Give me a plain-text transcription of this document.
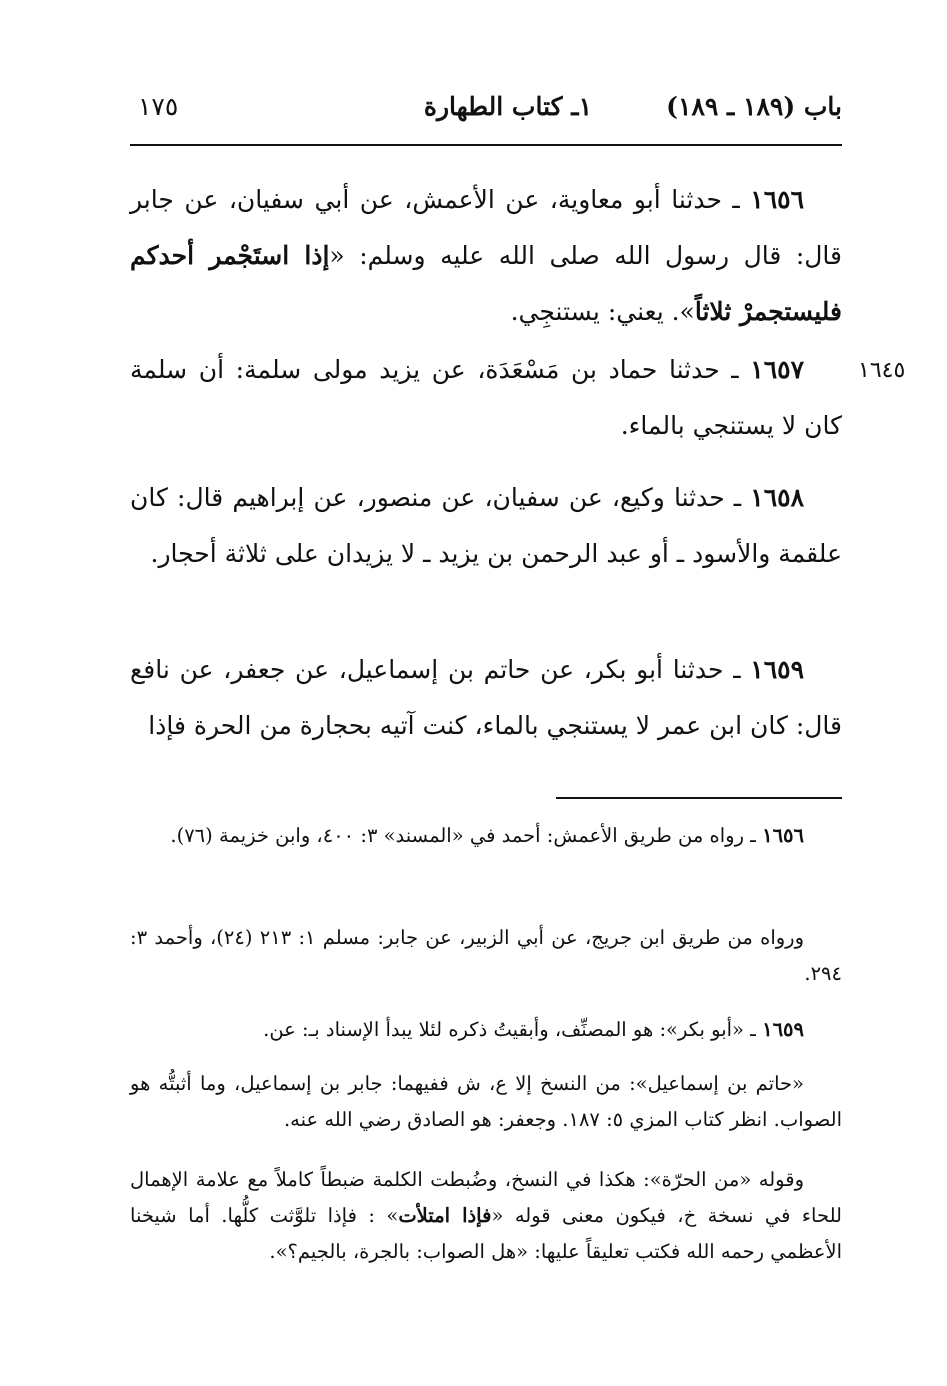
باب (١٨٩ ـ ١٨٩)
١ـ كتاب الطهارة
١٧٥
١٦٤٥
١٦٥٦ ـ حدثنا أبو معاوية، عن الأعمش، عن أبي سفيان، عن جابر قال: قال رسول الله صلى الله عليه وسلم: «إذا استَجْمر أحدكم فليستجمرْ ثلاثاً». يعني: يستنجِي.
١٦٥٧ ـ حدثنا حماد بن مَسْعَدَة، عن يزيد مولى سلمة: أن سلمة كان لا يستنجي بالماء.
١٦٥٨ ـ حدثنا وكيع، عن سفيان، عن منصور، عن إبراهيم قال: كان علقمة والأسود ـ أو عبد الرحمن بن يزيد ـ لا يزيدان على ثلاثة أحجار.
١٦٥٩ ـ حدثنا أبو بكر، عن حاتم بن إسماعيل، عن جعفر، عن نافع قال: كان ابن عمر لا يستنجي بالماء، كنت آتيه بحجارة من الحرة فإذا
١٦٥٦ ـ رواه من طريق الأعمش: أحمد في «المسند» ٣: ٤٠٠، وابن خزيمة (٧٦).
ورواه من طريق ابن جريج، عن أبي الزبير، عن جابر: مسلم ١: ٢١٣ (٢٤)، وأحمد ٣: ٢٩٤.
١٦٥٩ ـ «أبو بكر»: هو المصنِّف، وأبقيتُ ذكره لئلا يبدأ الإسناد بـ: عن.
«حاتم بن إسماعيل»: من النسخ إلا ع، ش ففيهما: جابر بن إسماعيل، وما أثبتُّه هو الصواب. انظر كتاب المزي ٥: ١٨٧. وجعفر: هو الصادق رضي الله عنه.
وقوله «من الحرّة»: هكذا في النسخ، وضُبطت الكلمة ضبطاً كاملاً مع علامة الإهمال للحاء في نسخة خ، فيكون معنى قوله «فإذا امتلأت» : فإذا تلوَّثت كلُّها. أما شيخنا الأعظمي رحمه الله فكتب تعليقاً عليها: «هل الصواب: بالجرة، بالجيم؟».
